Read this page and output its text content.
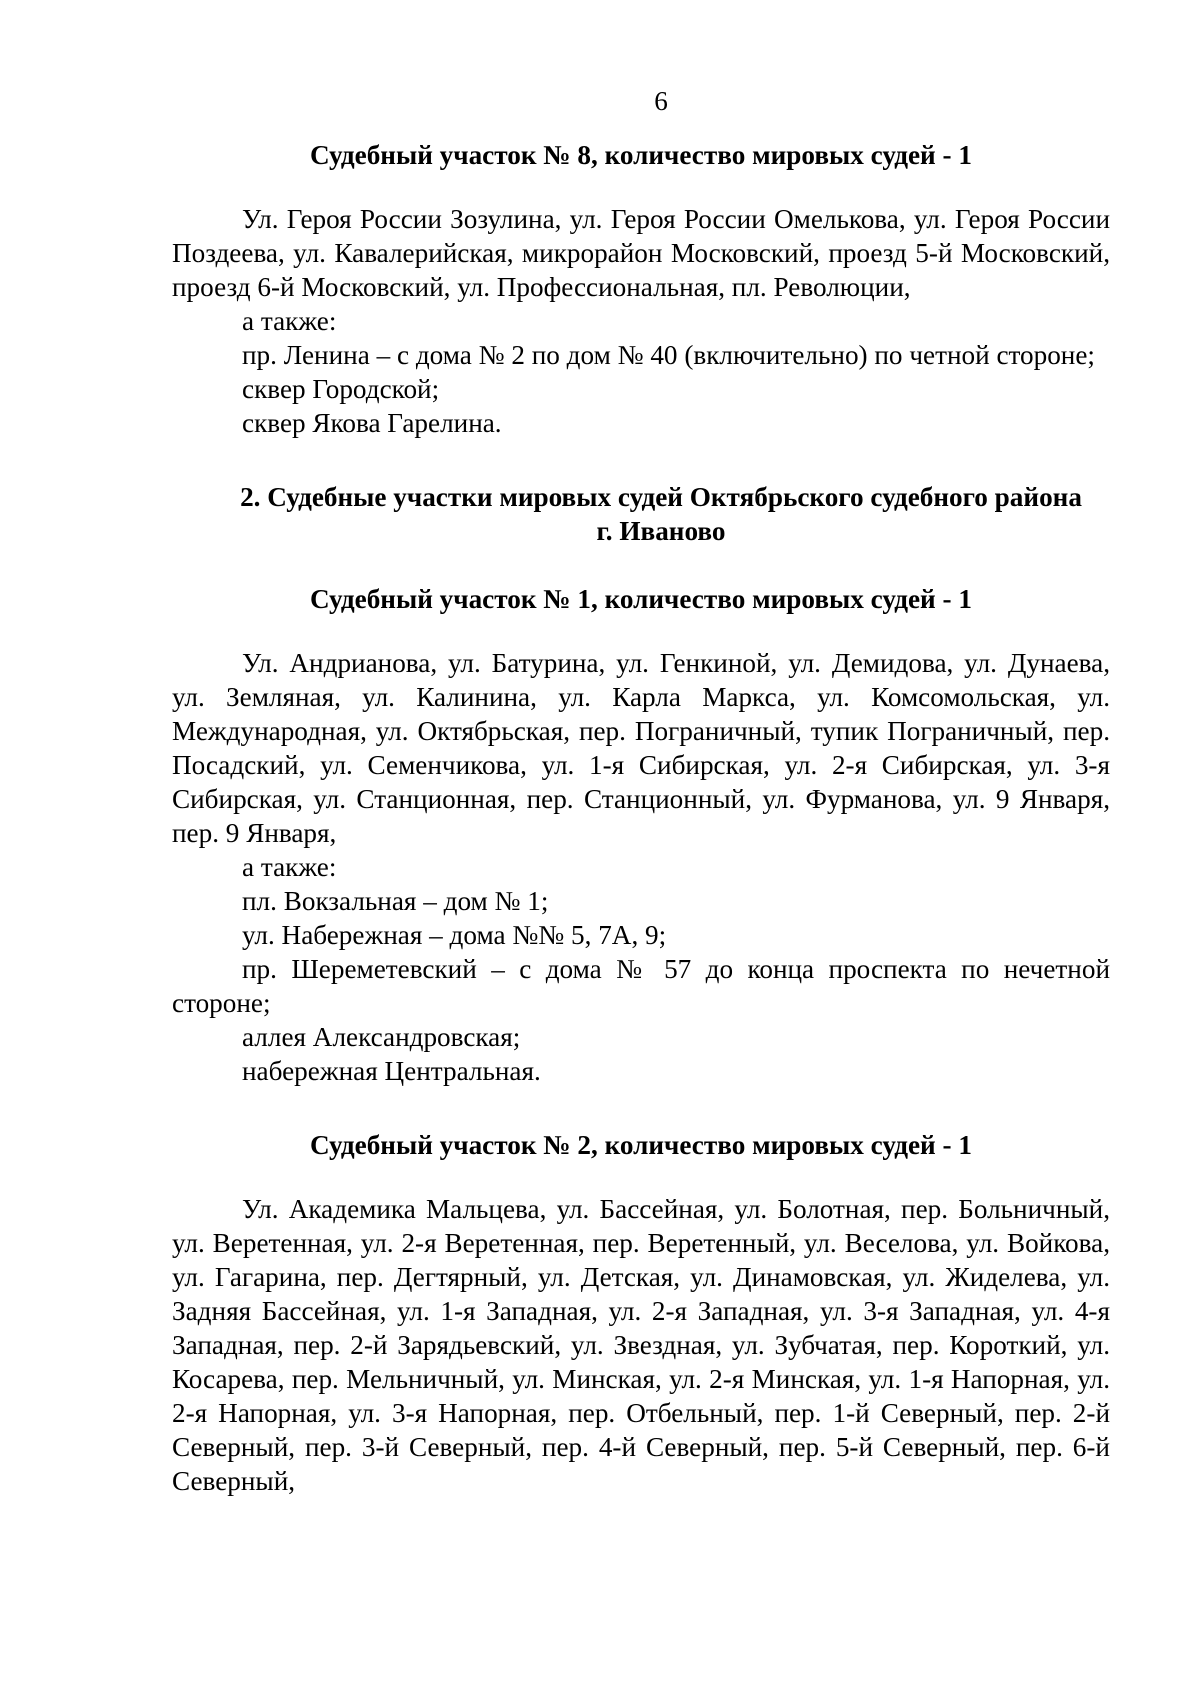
6

Судебный участок № 8, количество мировых судей - 1

Ул. Героя России Зозулина, ул. Героя России Омелькова, ул. Героя России Поздеева, ул. Кавалерийская, микрорайон Московский, проезд 5-й Московский, проезд 6-й Московский, ул. Профессиональная, пл. Революции,

а также:

пр. Ленина – с дома № 2 по дом № 40 (включительно) по четной стороне;

сквер Городской;

сквер Якова Гарелина.

2. Судебные участки мировых судей Октябрьского судебного района
г. Иваново

Судебный участок № 1, количество мировых судей - 1

Ул. Андрианова, ул. Батурина, ул. Генкиной, ул. Демидова, ул. Дунаева, ул. Земляная, ул. Калинина, ул. Карла Маркса, ул. Комсомольская, ул. Международная, ул. Октябрьская, пер. Пограничный, тупик Пограничный, пер. Посадский, ул. Семенчикова, ул. 1-я Сибирская, ул. 2-я Сибирская, ул. 3-я Сибирская, ул. Станционная, пер. Станционный, ул. Фурманова, ул. 9 Января, пер. 9 Января,

а также:

пл. Вокзальная – дом № 1;

ул. Набережная – дома №№ 5, 7А, 9;

пр. Шереметевский – с дома № 57 до конца проспекта по нечетной стороне;

аллея Александровская;

набережная Центральная.

Судебный участок № 2, количество мировых судей - 1

Ул. Академика Мальцева, ул. Бассейная, ул. Болотная, пер. Больничный, ул. Веретенная, ул. 2-я Веретенная, пер. Веретенный, ул. Веселова, ул. Войкова, ул. Гагарина, пер. Дегтярный, ул. Детская, ул. Динамовская, ул. Жиделева, ул. Задняя Бассейная, ул. 1-я Западная, ул. 2-я Западная, ул. 3-я Западная, ул. 4-я Западная, пер. 2-й Зарядьевский, ул. Звездная, ул. Зубчатая, пер. Короткий, ул. Косарева, пер. Мельничный, ул. Минская, ул. 2-я Минская, ул. 1-я Напорная, ул. 2-я Напорная, ул. 3-я Напорная, пер. Отбельный, пер. 1-й Северный, пер. 2-й Северный, пер. 3-й Северный, пер. 4-й Северный, пер. 5-й Северный, пер. 6-й Северный,
